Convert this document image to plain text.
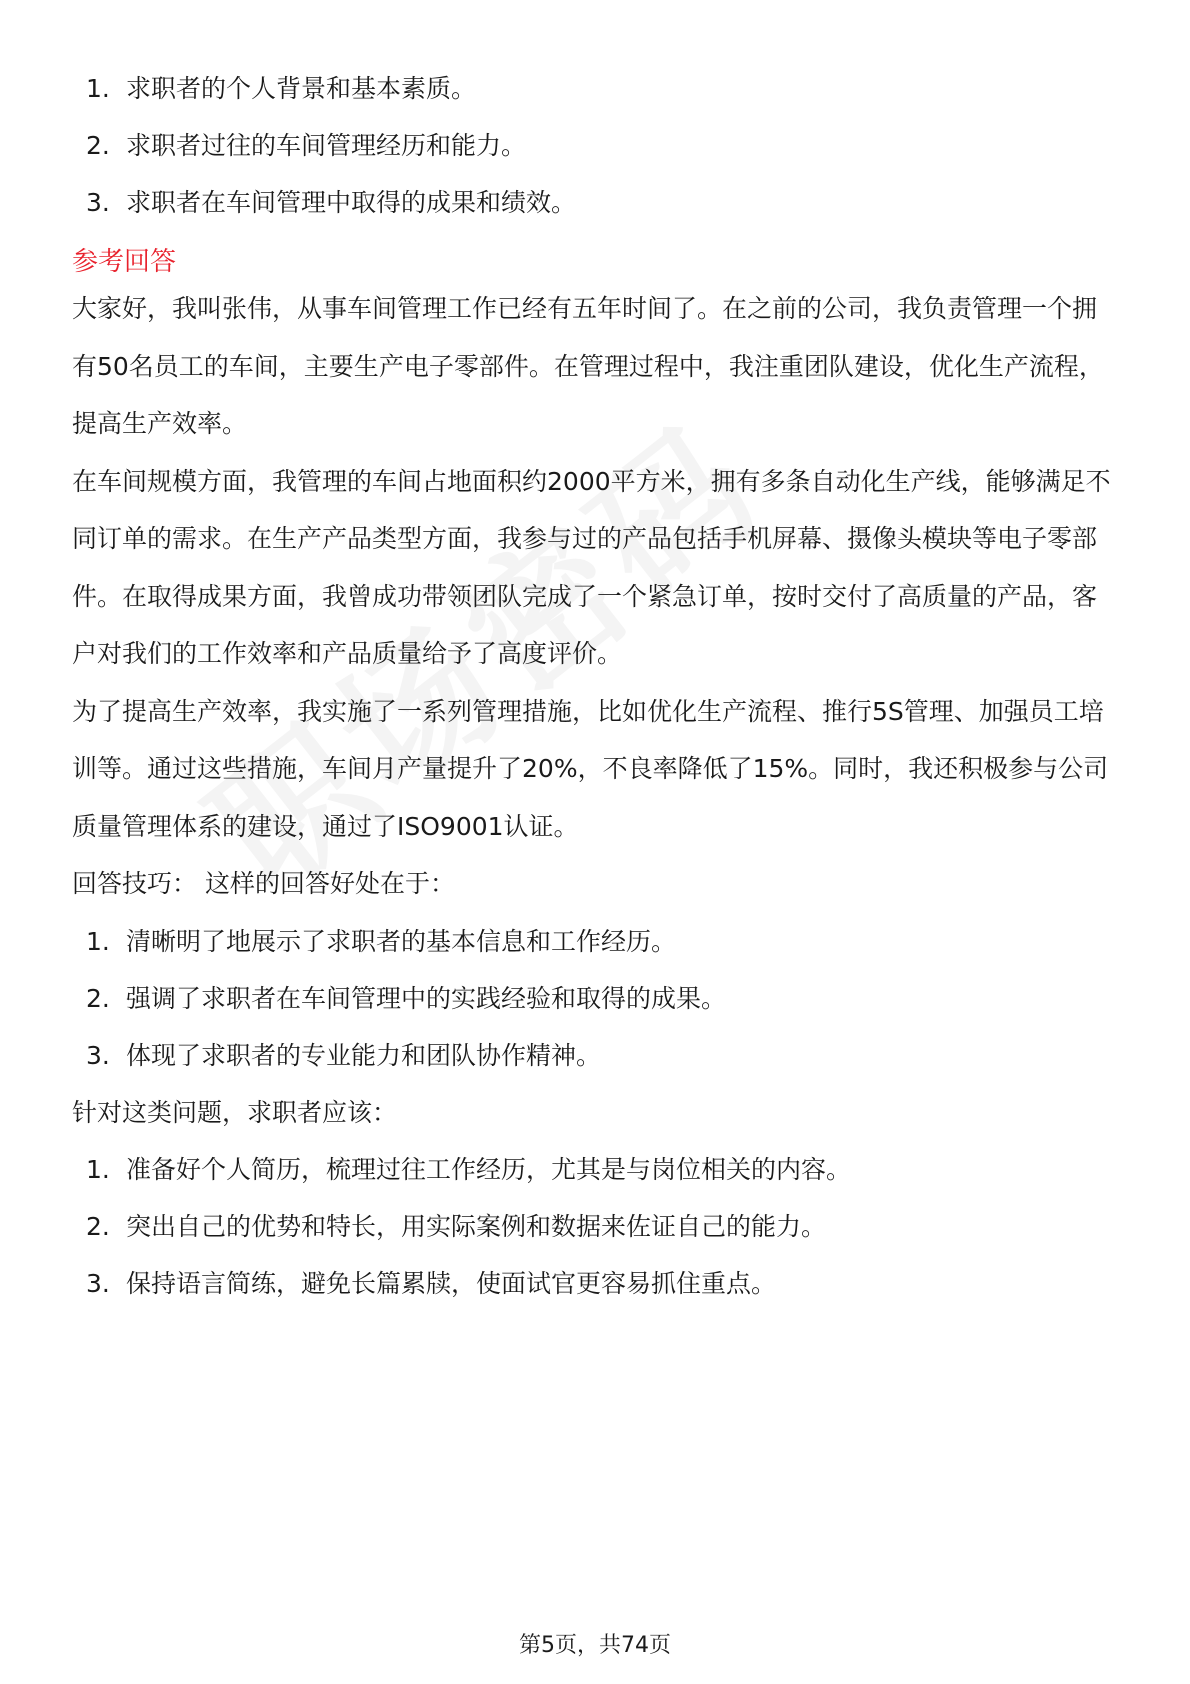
1. 求职者的个人背景和基本素质。
2. 求职者过往的车间管理经历和能力。
3. 求职者在车间管理中取得的成果和绩效。
参考回答

大家好，我叫张伟，从事车间管理工作已经有五年时间了。在之前的公司，我负责管理一个拥有50名员工的车间，主要生产电子零部件。在管理过程中，我注重团队建设，优化生产流程，提高生产效率。

在车间规模方面，我管理的车间占地面积约2000平方米，拥有多条自动化生产线，能够满足不同订单的需求。在生产产品类型方面，我参与过的产品包括手机屏幕、摄像头模块等电子零部件。在取得成果方面，我曾成功带领团队完成了一个紧急订单，按时交付了高质量的产品，客户对我们的工作效率和产品质量给予了高度评价。

为了提高生产效率，我实施了一系列管理措施，比如优化生产流程、推行5S管理、加强员工培训等。通过这些措施，车间月产量提升了20%，不良率降低了15%。同时，我还积极参与公司质量管理体系的建设，通过了ISO9001认证。

回答技巧： 这样的回答好处在于：

1. 清晰明了地展示了求职者的基本信息和工作经历。
2. 强调了求职者在车间管理中的实践经验和取得的成果。
3. 体现了求职者的专业能力和团队协作精神。

针对这类问题，求职者应该：

1. 准备好个人简历，梳理过往工作经历，尤其是与岗位相关的内容。
2. 突出自己的优势和特长，用实际案例和数据来佐证自己的能力。
3. 保持语言简练，避免长篇累牍，使面试官更容易抓住重点。
第5页，共74页
